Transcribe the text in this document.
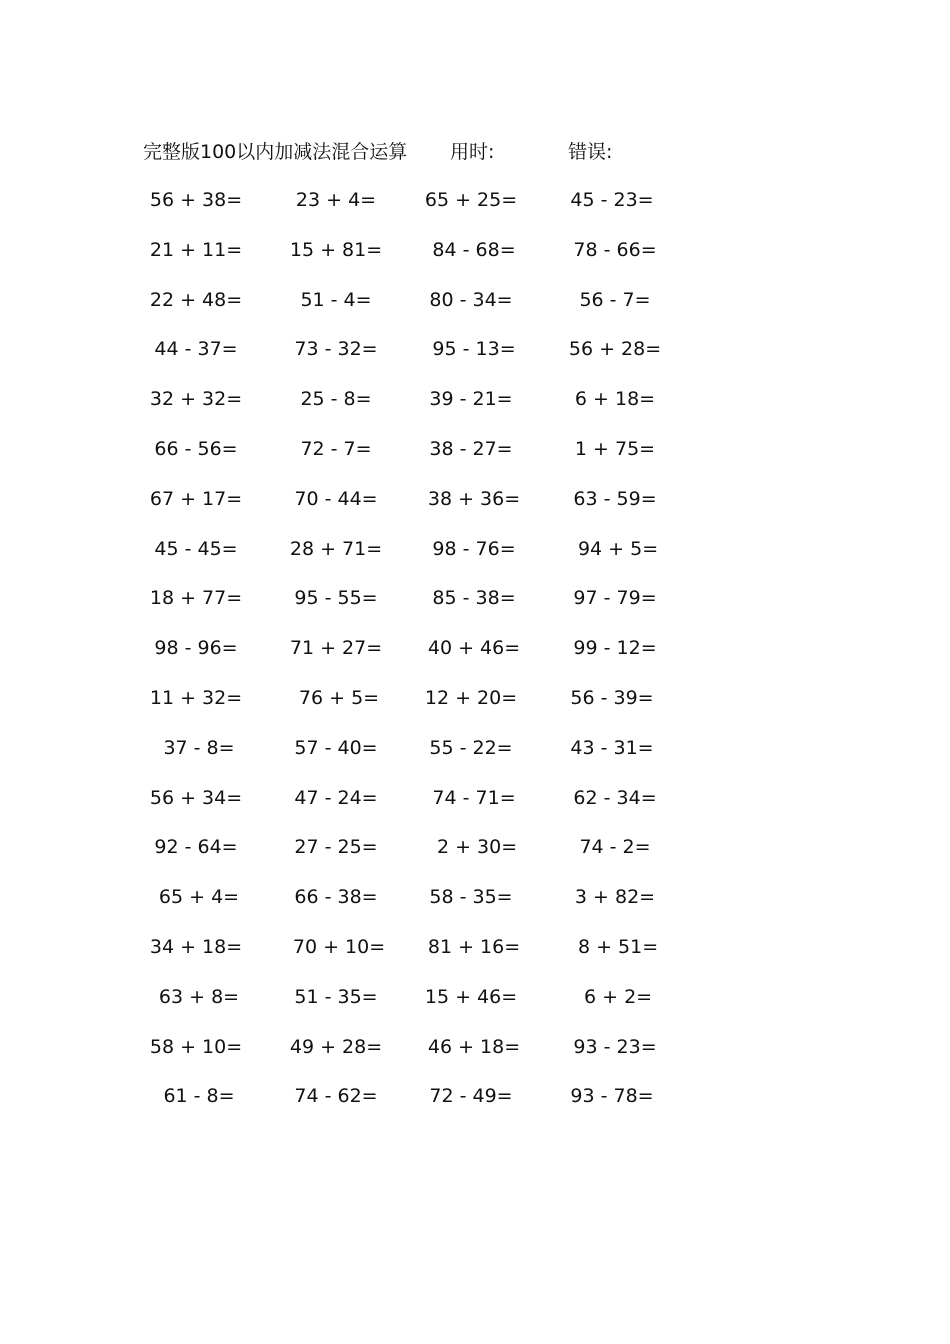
完整版100以内加减法混合运算 用时:	错误:
56 + 38=	23 + 4=	65 + 25=	45 - 23=
21 + 11=	15 + 81=	84 - 68=	78 - 66=
22 + 48=	51 - 4=	80 - 34=	56 - 7=
44 - 37=	73 - 32=	95 - 13=	56 + 28=
32 + 32=	25 - 8=	39 - 21=	6 + 18=
66 - 56=	72 - 7=	38 - 27=	1 + 75=
67 + 17=	70 - 44=	38 + 36=	63 - 59=
45 - 45=	28 + 71=	98 - 76=	94 + 5=
18 + 77=	95 - 55=	85 - 38=	97 - 79=
98 - 96=	71 + 27=	40 + 46=	99 - 12=
11 + 32=	76 + 5=	12 + 20=	56 - 39=
37 - 8=	57 - 40=	55 - 22=	43 - 31=
56 + 34=	47 - 24=	74 - 71=	62 - 34=
92 - 64=	27 - 25=	2 + 30=	74 - 2=
65 + 4=	66 - 38=	58 - 35=	3 + 82=
34 + 18=	70 + 10=	81 + 16=	8 + 51=
63 + 8=	51 - 35=	15 + 46=	6 + 2=
58 + 10=	49 + 28=	46 + 18=	93 - 23=
61 - 8=	74 - 62=	72 - 49=	93 - 78=
